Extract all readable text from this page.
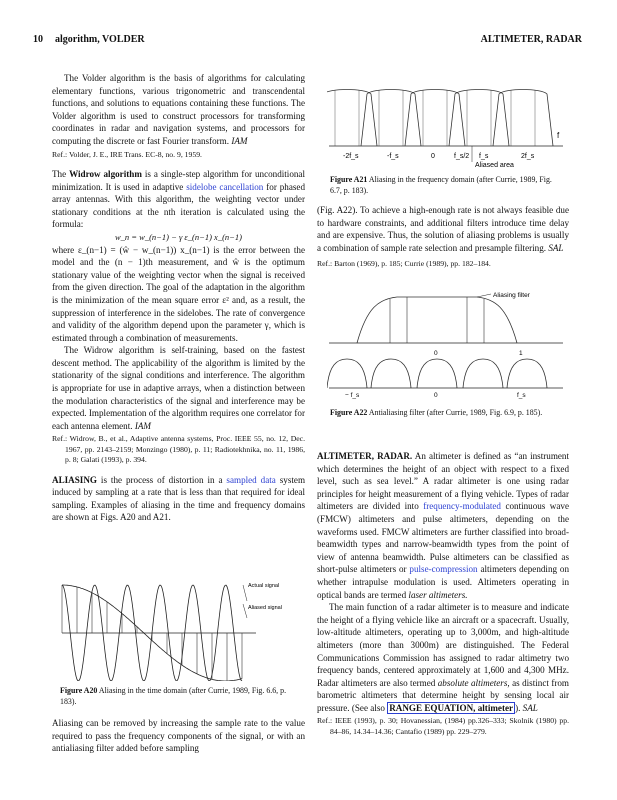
10 algorithm, VOLDER	ALTIMETER, RADAR

The Volder algorithm is the basis of algorithms for calculating elementary functions, various trigonometric and transcendental functions, and solutions to equations containing these functions. The Volder algorithm is used to construct processors for transforming coordinates in radar and navigation systems, and processors for computing the discrete or fast Fourier transform. IAM

Ref.: Volder, J. E., IRE Trans. EC-8, no. 9, 1959.

The Widrow algorithm is a single-step algorithm for unconditional minimization. It is used in adaptive sidelobe cancellation for phased array antennas. With this algorithm, the weighting vector under stationary conditions at the nth iteration is calculated using the formula:

w_n = w_(n−1) − γ ε_(n−1) x_(n−1)

where ε_(n−1) = (ŵ − w_(n−1)) x_(n−1) is the error between the model and the (n − 1)th measurement, and ŵ is the optimum stationary value of the weighting vector when the signal is received from the given direction. The goal of the adaptation in the algorithm is the minimization of the mean square error ε² and, as a result, the suppression of interference in the sidelobes. The rate of convergence and validity of the algorithm depend upon the parameter γ, which is estimated through a combination of measurements.

The Widrow algorithm is self-training, based on the fastest descent method. The applicability of the algorithm is limited by the stationarity of the signal conditions and interference. The algorithm is appropriate for use in adaptive arrays, when a distinction between the modulation characteristics of the signal and interference may be expected. Implementation of the algorithm requires one correlator for each antenna element. IAM

Ref.: Widrow, B., et al., Adaptive antenna systems, Proc. IEEE 55, no. 12, Dec. 1967, pp. 2143–2159; Monzingo (1980), p. 11; Radiotekhnika, no. 11, 1986, p. 8; Galati (1993), p. 394.

ALIASING is the process of distortion in a sampled data system induced by sampling at a rate that is less than that required for ideal sampling. Examples of aliasing in the time and frequency domains are shown at Figs. A20 and A21.

Actual signal
Aliased signal
Figure A20 Aliasing in the time domain (after Currie, 1989, Fig. 6.6, p. 183).

Aliasing can be removed by increasing the sample rate to the value required to pass the frequency components of the signal, or with an antialiasing filter added before sampling

f
-2f_s	-f_s	0	f_s/2 f_s	2f_s
Aliased area
Figure A21 Aliasing in the frequency domain (after Currie, 1989, Fig. 6.7, p. 183).

(Fig. A22). To achieve a high-enough rate is not always feasible due to hardware constraints, and additional filters introduce time delay and are expensive. Thus, the solution of aliasing problems is usually a combination of sample rate selection and presample filtering. SAL

Ref.: Barton (1969), p. 185; Currie (1989), pp. 182–184.

Aliasing filter
0	1
− f_s	0	f_s
Figure A22 Antialiasing filter (after Currie, 1989, Fig. 6.9, p. 185).

ALTIMETER, RADAR. An altimeter is defined as “an instrument which determines the height of an object with respect to a fixed level, such as sea level.” A radar altimeter is one using radar principles for height measurement of a flying vehicle. Types of radar altimeters are divided into frequency-modulated continuous wave (FMCW) altimeters and pulse altimeters, depending on the waveforms used. FMCW altimeters are further classified into broad-beamwidth types and narrow-beamwidth types from the point of view of antenna beamwidth. Pulse altimeters can be classified as short-pulse altimeters or pulse-compression altimeters depending on whether intrapulse modulation is used. Altimeters operating in optical bands are termed laser altimeters.

The main function of a radar altimeter is to measure and indicate the height of a flying vehicle like an aircraft or a spacecraft. Usually, low-altitude altimeters, operating up to 3,000m, and high-altitude altimeters (more than 3000m) are distinguished. The Federal Communications Commission has assigned to radar altimetry two frequency bands, centered approximately at 1,600 and 4,300 MHz. Radar altimeters are also termed absolute altimeters, as distinct from barometric altimeters that determine height by sensing local air pressure. (See also RANGE EQUATION, altimeter ). SAL

Ref.: IEEE (1993), p. 30; Hovanessian, (1984) pp.326–333; Skolnik (1980) pp. 84–86, 14.34–14.36; Cantafio (1989) pp. 229–279.
